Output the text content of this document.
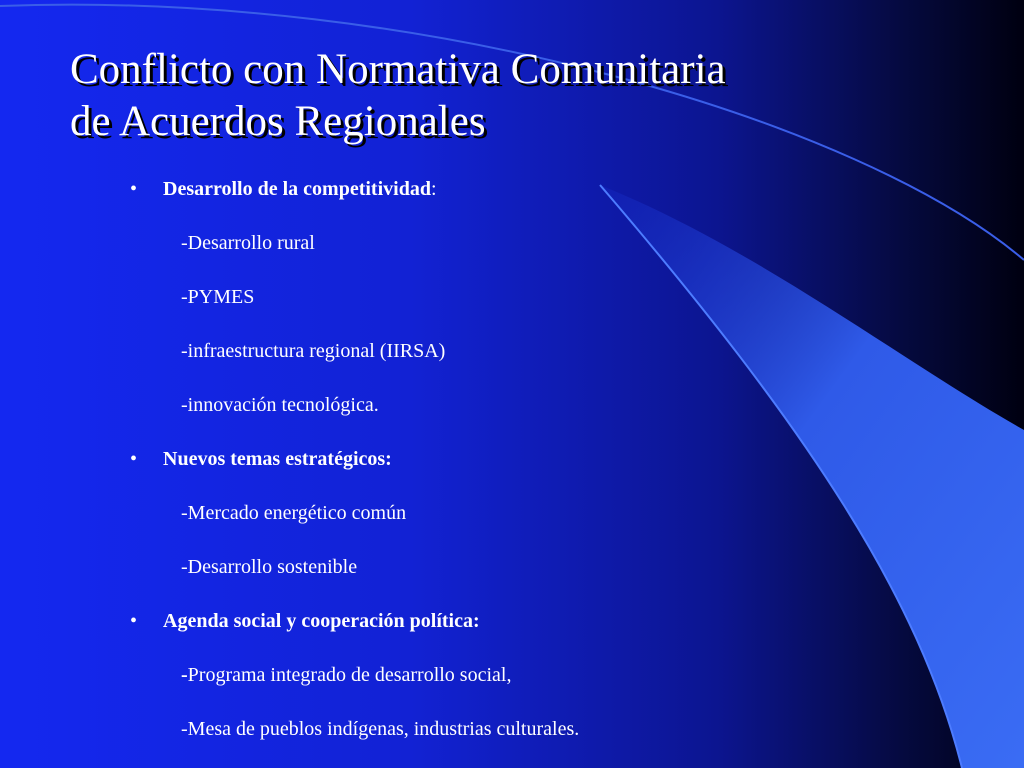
Conflicto con Normativa Comunitaria
de Acuerdos Regionales
• Desarrollo de la competitividad:
-Desarrollo rural
-PYMES
-infraestructura regional (IIRSA)
-innovación tecnológica.
• Nuevos temas estratégicos:
-Mercado energético común
-Desarrollo sostenible
• Agenda social y cooperación política:
-Programa integrado de desarrollo social,
-Mesa de pueblos indígenas, industrias culturales.
